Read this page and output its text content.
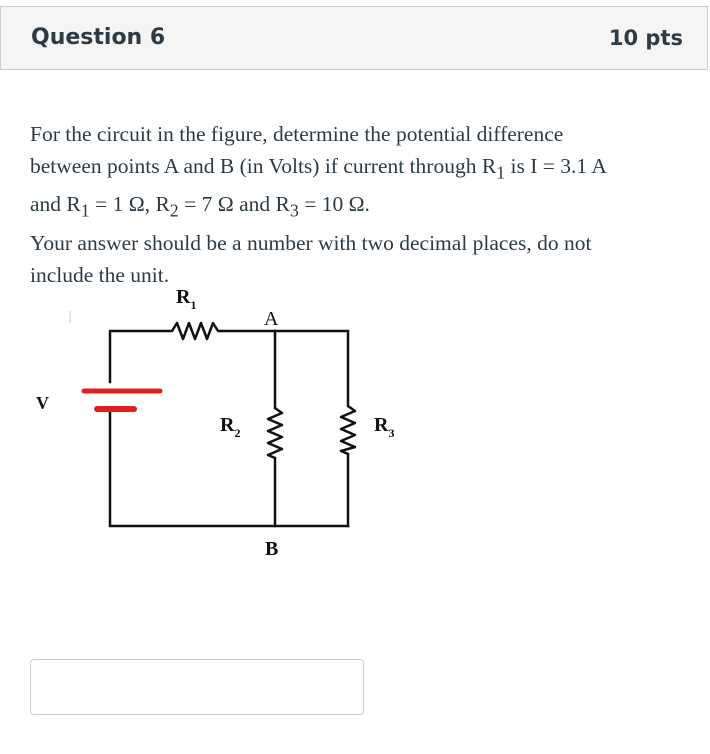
Question 6	10 pts

For the circuit in the figure, determine the potential difference

between points A and B (in Volts) if current through $R_1$ is I = 3.1 A

and $R_1 = 1$ Ω, $R_2 = 7$ Ω and $R_3 = 10$ Ω.

Your answer should be a number with two decimal places, do not

include the unit.

$R_1$
A
V
$R_2$	$R_3$
B
